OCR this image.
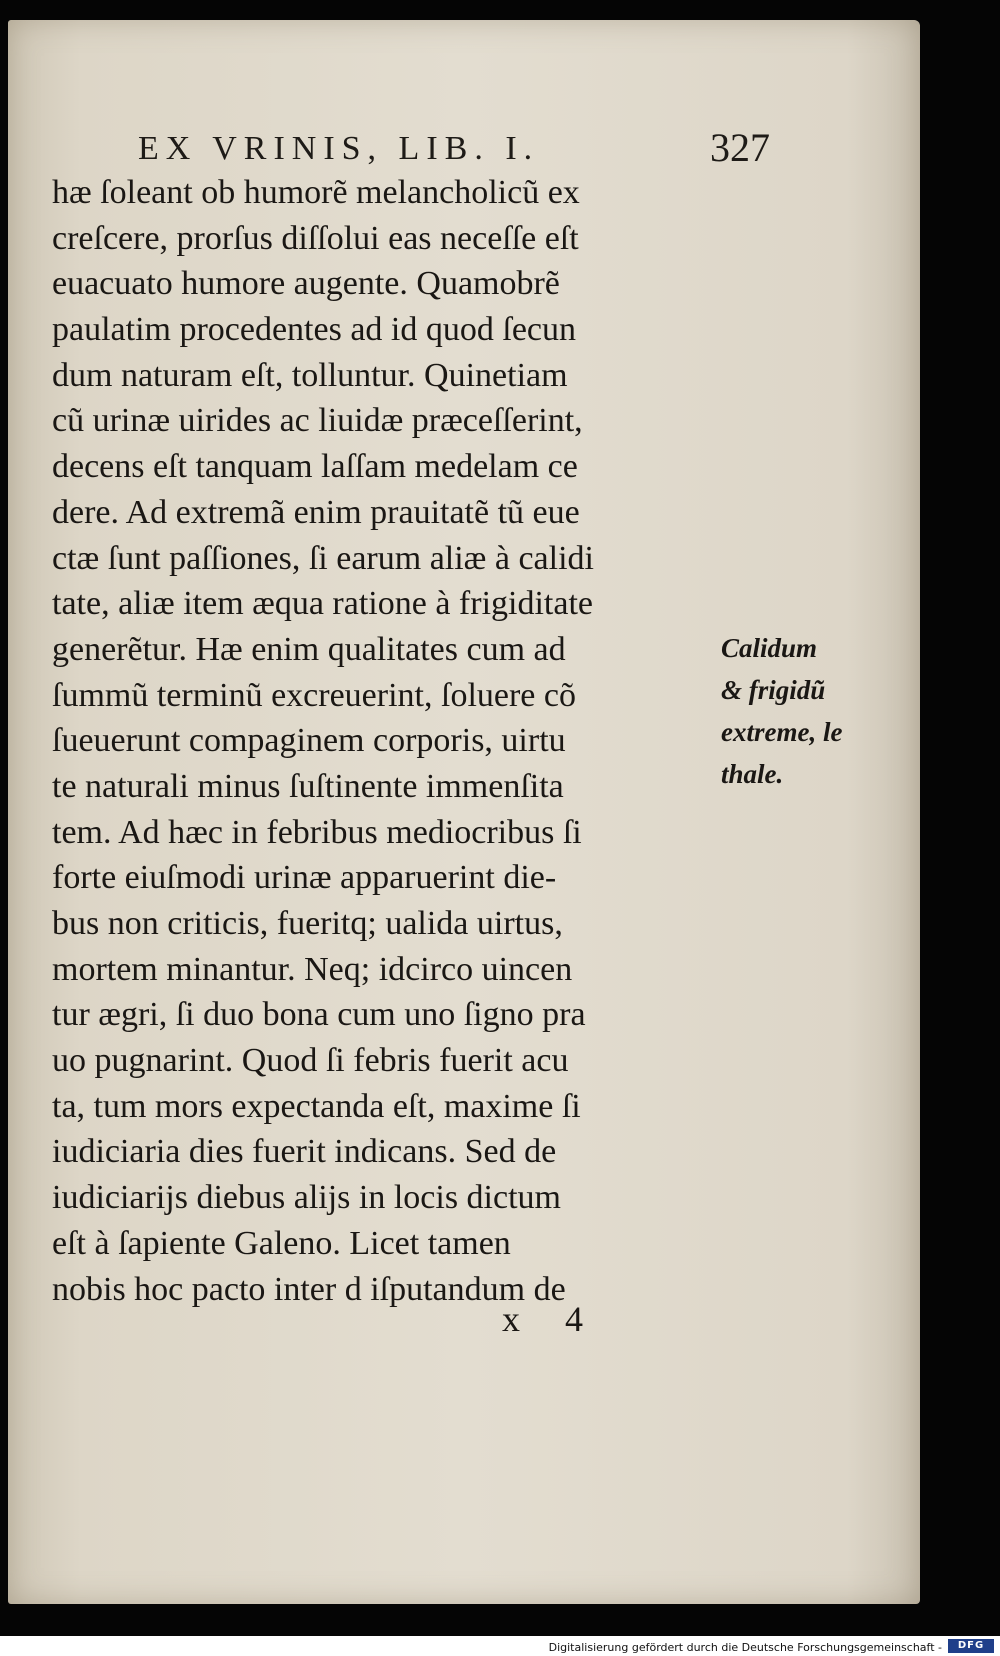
EX VRINIS, LIB. I.	327
hæ ſoleant ob humorẽ melancholicũ ex
creſcere, prorſus diſſolui eas neceſſe eſt
euacuato humore augente. Quamobrẽ
paulatim procedentes ad id quod ſecun
dum naturam eſt, tolluntur. Quinetiam
cũ urinæ uirides ac liuidæ præceſſerint,
decens eſt tanquam laſſam medelam ce
dere. Ad extremã enim prauitatẽ tũ eue
ctæ ſunt paſſiones, ſi earum aliæ à calidi
tate, aliæ item æqua ratione à frigiditate
generẽtur. Hæ enim qualitates cum ad
ſummũ terminũ excreuerint, ſoluere cõ
ſueuerunt compaginem corporis, uirtu
te naturali minus ſuſtinente immenſita
tem. Ad hæc in febribus mediocribus ſi
forte eiuſmodi urinæ apparuerint die-
bus non criticis, fueritq; ualida uirtus,
mortem minantur. Neq; idcirco uincen
tur ægri, ſi duo bona cum uno ſigno pra
uo pugnarint. Quod ſi febris fuerit acu
ta, tum mors expectanda eſt, maxime ſi
iudiciaria dies fuerit indicans. Sed de
iudiciarijs diebus alijs in locis dictum
eſt à ſapiente Galeno. Licet tamen
nobis hoc pacto inter d iſputandum de
Calidum
& frigidũ
extreme, le
thale.
x 4
Digitalisierung gefördert durch die Deutsche Forschungsgemeinschaft -	DFG
